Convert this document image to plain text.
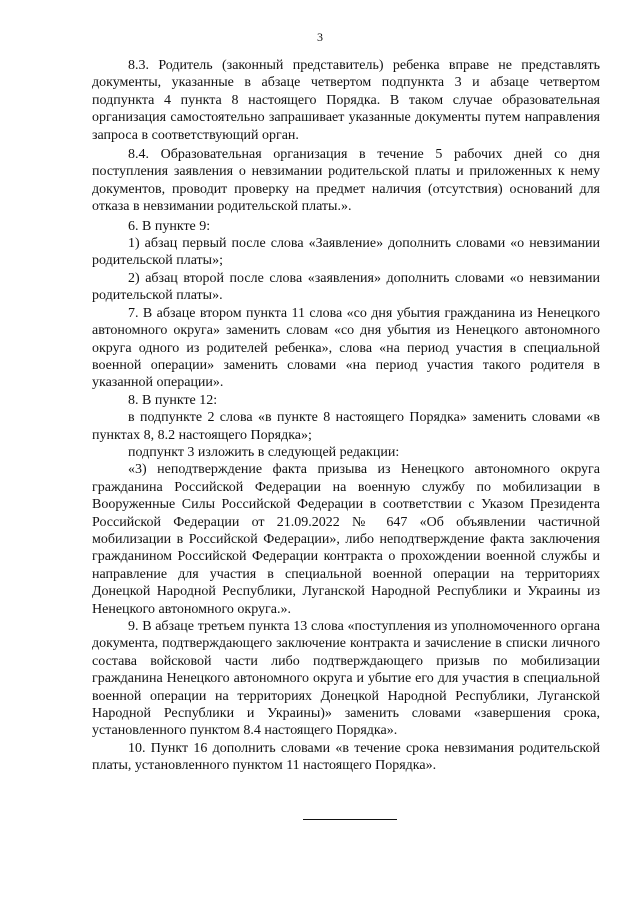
3

8.3. Родитель (законный представитель) ребенка вправе не представлять документы, указанные в абзаце четвертом подпункта 3 и абзаце четвертом подпункта 4 пункта 8 настоящего Порядка. В таком случае образовательная организация самостоятельно запрашивает указанные документы путем направления запроса в соответствующий орган.

8.4. Образовательная организация в течение 5 рабочих дней со дня поступления заявления о невзимании родительской платы и приложенных к нему документов, проводит проверку на предмет наличия (отсутствия) оснований для отказа в невзимании родительской платы.».

6. В пункте 9:

1) абзац первый после слова «Заявление» дополнить словами «о невзимании родительской платы»;

2) абзац второй после слова «заявления» дополнить словами «о невзимании родительской платы».

7. В абзаце втором пункта 11 слова «со дня убытия гражданина из Ненецкого автономного округа» заменить словам «со дня убытия из Ненецкого автономного округа одного из родителей ребенка», слова «на период участия в специальной военной операции» заменить словами «на период участия такого родителя в указанной операции».

8. В пункте 12:

в подпункте 2 слова «в пункте 8 настоящего Порядка» заменить словами «в пунктах 8, 8.2 настоящего Порядка»;

подпункт 3 изложить в следующей редакции:

«3) неподтверждение факта призыва из Ненецкого автономного округа гражданина Российской Федерации на военную службу по мобилизации в Вооруженные Силы Российской Федерации в соответствии с Указом Президента Российской Федерации от 21.09.2022 № 647 «Об объявлении частичной мобилизации в Российской Федерации», либо неподтверждение факта заключения гражданином Российской Федерации контракта о прохождении военной службы и направление для участия в специальной военной операции на территориях Донецкой Народной Республики, Луганской Народной Республики и Украины из Ненецкого автономного округа.».

9. В абзаце третьем пункта 13 слова «поступления из уполномоченного органа документа, подтверждающего заключение контракта и зачисление в списки личного состава войсковой части либо подтверждающего призыв по мобилизации гражданина Ненецкого автономного округа и убытие его для участия в специальной военной операции на территориях Донецкой Народной Республики, Луганской Народной Республики и Украины)» заменить словами «завершения срока, установленного пунктом 8.4 настоящего Порядка».

10. Пункт 16 дополнить словами «в течение срока невзимания родительской платы, установленного пунктом 11 настоящего Порядка».
